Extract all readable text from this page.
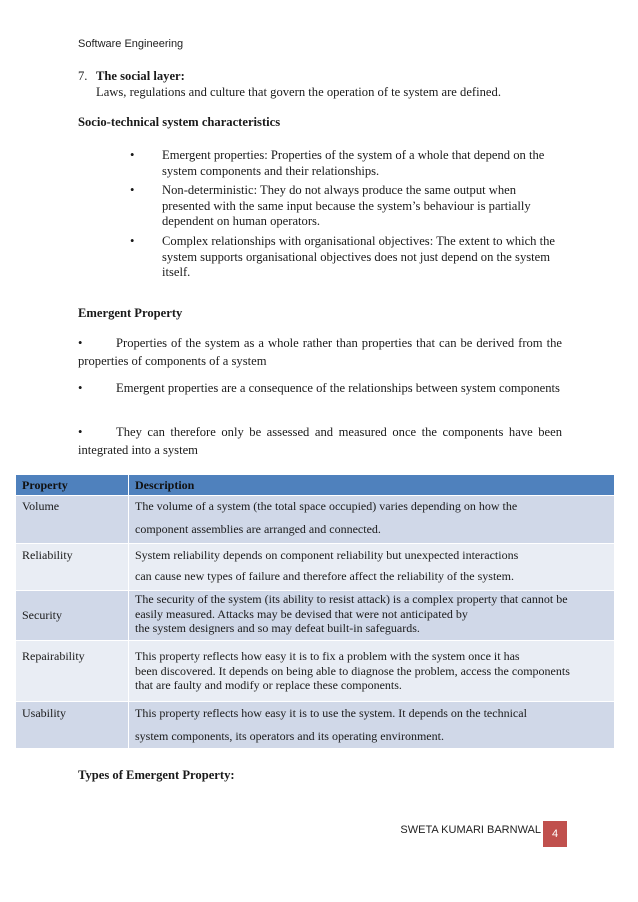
Software Engineering
7. The social layer:
Laws, regulations and culture that govern the operation of te system are defined.
Socio-technical system characteristics
• Emergent properties: Properties of the system of a whole that depend on the system components and their relationships.
• Non-deterministic: They do not always produce the same output when presented with the same input because the system’s behaviour is partially dependent on human operators.
• Complex relationships with organisational objectives: The extent to which the system supports organisational objectives does not just depend on the system itself.
Emergent Property
•	Properties of the system as a whole rather than properties that can be derived from the properties of components of a system
•	Emergent properties are a consequence of the relationships between system components
•	They can therefore only be assessed and measured once the components have been integrated into a system
Property	Description
Volume	The volume of a system (the total space occupied) varies depending on how the
component assemblies are arranged and connected.

Reliability	System reliability depends on component reliability but unexpected interactions
can cause new types of failure and therefore affect the reliability of the system.

Security	The security of the system (its ability to resist attack) is a complex property that cannot be
easily measured. Attacks may be devised that were not anticipated by
the system designers and so may defeat built-in safeguards.

Repairability	This property reflects how easy it is to fix a problem with the system once it has
been discovered. It depends on being able to diagnose the problem, access the components
that are faulty and modify or replace these components.

Usability	This property reflects how easy it is to use the system. It depends on the technical
system components, its operators and its operating environment.
Types of Emergent Property:
SWETA KUMARI BARNWAL 4
